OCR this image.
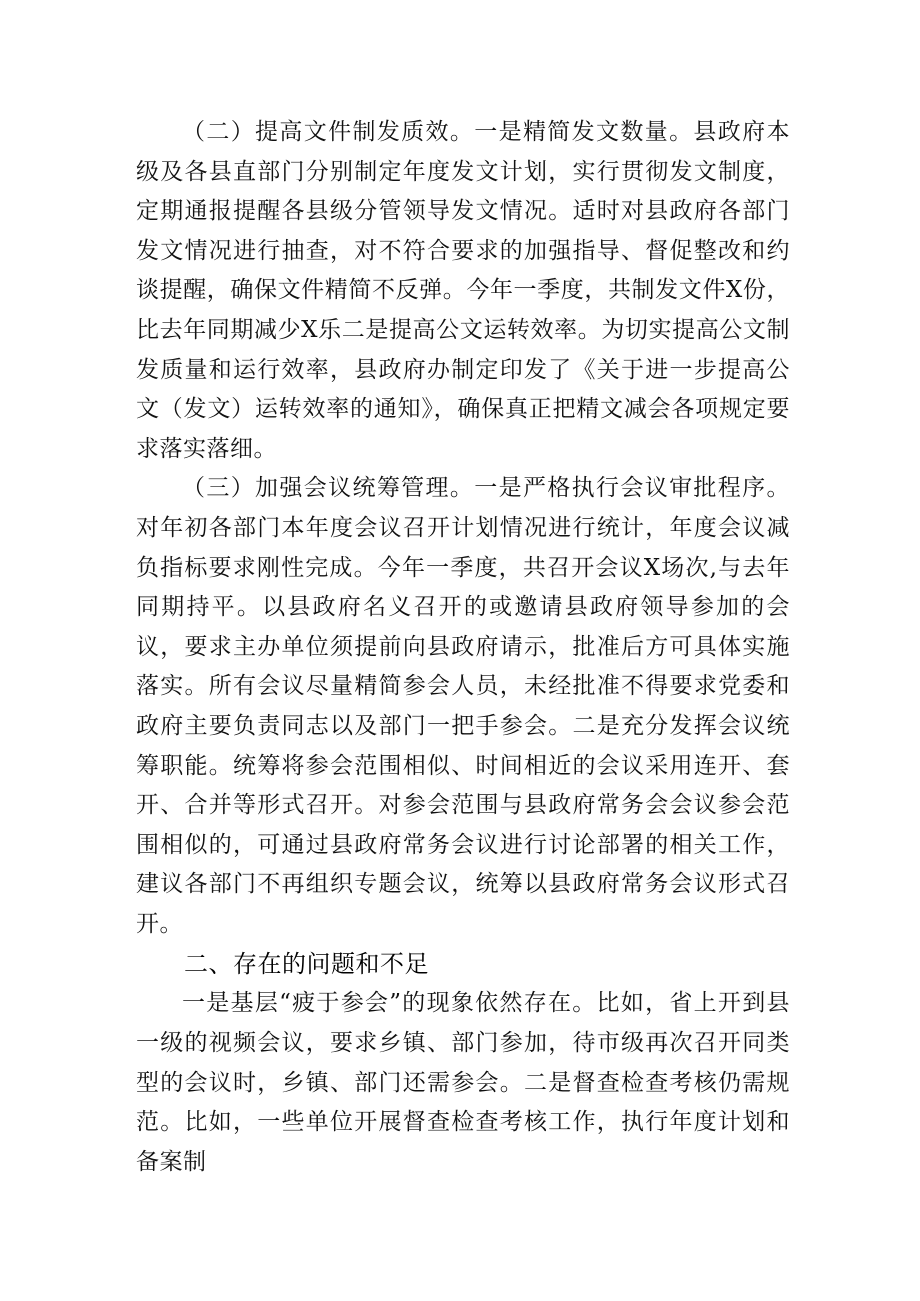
（二）提高文件制发质效。一是精简发文数量。县政府本级及各县直部门分别制定年度发文计划，实行贯彻发文制度，定期通报提醒各县级分管领导发文情况。适时对县政府各部门发文情况进行抽查，对不符合要求的加强指导、督促整改和约谈提醒，确保文件精简不反弹。今年一季度，共制发文件X份，比去年同期减少X乐二是提高公文运转效率。为切实提高公文制发质量和运行效率，县政府办制定印发了《关于进一步提高公文（发文）运转效率的通知》，确保真正把精文减会各项规定要求落实落细。

（三）加强会议统筹管理。一是严格执行会议审批程序。对年初各部门本年度会议召开计划情况进行统计，年度会议减负指标要求刚性完成。今年一季度，共召开会议X场次,与去年同期持平。以县政府名义召开的或邀请县政府领导参加的会议，要求主办单位须提前向县政府请示，批准后方可具体实施落实。所有会议尽量精简参会人员，未经批准不得要求党委和政府主要负责同志以及部门一把手参会。二是充分发挥会议统筹职能。统筹将参会范围相似、时间相近的会议采用连开、套开、合并等形式召开。对参会范围与县政府常务会会议参会范围相似的，可通过县政府常务会议进行讨论部署的相关工作，建议各部门不再组织专题会议，统筹以县政府常务会议形式召开。

二、存在的问题和不足

一是基层“疲于参会”的现象依然存在。比如，省上开到县一级的视频会议，要求乡镇、部门参加，待市级再次召开同类型的会议时，乡镇、部门还需参会。二是督查检查考核仍需规范。比如，一些单位开展督查检查考核工作，执行年度计划和备案制
